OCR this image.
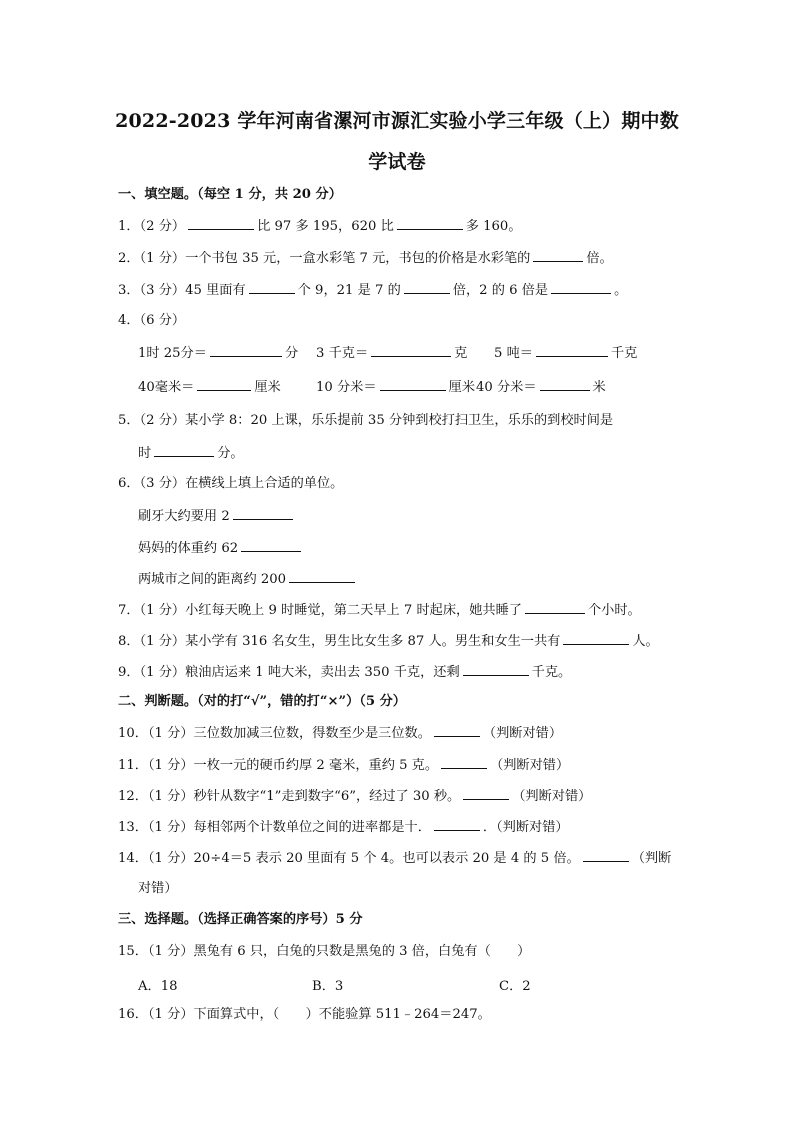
2022-2023 学年河南省漯河市源汇实验小学三年级（上）期中数
学试卷
一、填空题。（每空 1 分，共 20 分）
1．（2 分）	比 97 多 195，620 比	多 160。
2．（1 分）一个书包 35 元，一盒水彩笔 7 元，书包的价格是水彩笔的	倍。
3．（3 分）45 里面有	个 9，21 是 7 的	倍，2 的 6 倍是	。
4．（6 分）
1时 25分＝	分 3 千克＝	克 5 吨＝	千克
40毫米＝	厘米	10 分米＝	厘米 40 分米＝	米
5．（2 分）某小学 8：20 上课，乐乐提前 35 分钟到校打扫卫生，乐乐的到校时间是
时	分。
6．（3 分）在横线上填上合适的单位。
刷牙大约要用 2
妈妈的体重约 62
两城市之间的距离约 200
7．（1 分）小红每天晚上 9 时睡觉，第二天早上 7 时起床，她共睡了	个小时。
8．（1 分）某小学有 316 名女生，男生比女生多 87 人。男生和女生一共有	人。
9．（1 分）粮油店运来 1 吨大米，卖出去 350 千克，还剩	千克。
二、判断题。（对的打“√”，错的打“×”）（5 分）
10．（1 分）三位数加减三位数，得数至少是三位数。	（判断对错）
11．（1 分）一枚一元的硬币约厚 2 毫米，重约 5 克。	（判断对错）
12．（1 分）秒针从数字“1”走到数字“6”，经过了 30 秒。	（判断对错）
13．（1 分）每相邻两个计数单位之间的进率都是十．	．（判断对错）
14．（1 分）20÷4＝5 表示 20 里面有 5 个 4。也可以表示 20 是 4 的 5 倍。	（判断
对错）
三、选择题。（选择正确答案的序号）5 分
15．（1 分）黑兔有 6 只，白兔的只数是黑兔的 3 倍，白兔有（　　）
A．18	B．3	C．2
16．（1 分）下面算式中，（　　）不能验算 511﹣264＝247。
